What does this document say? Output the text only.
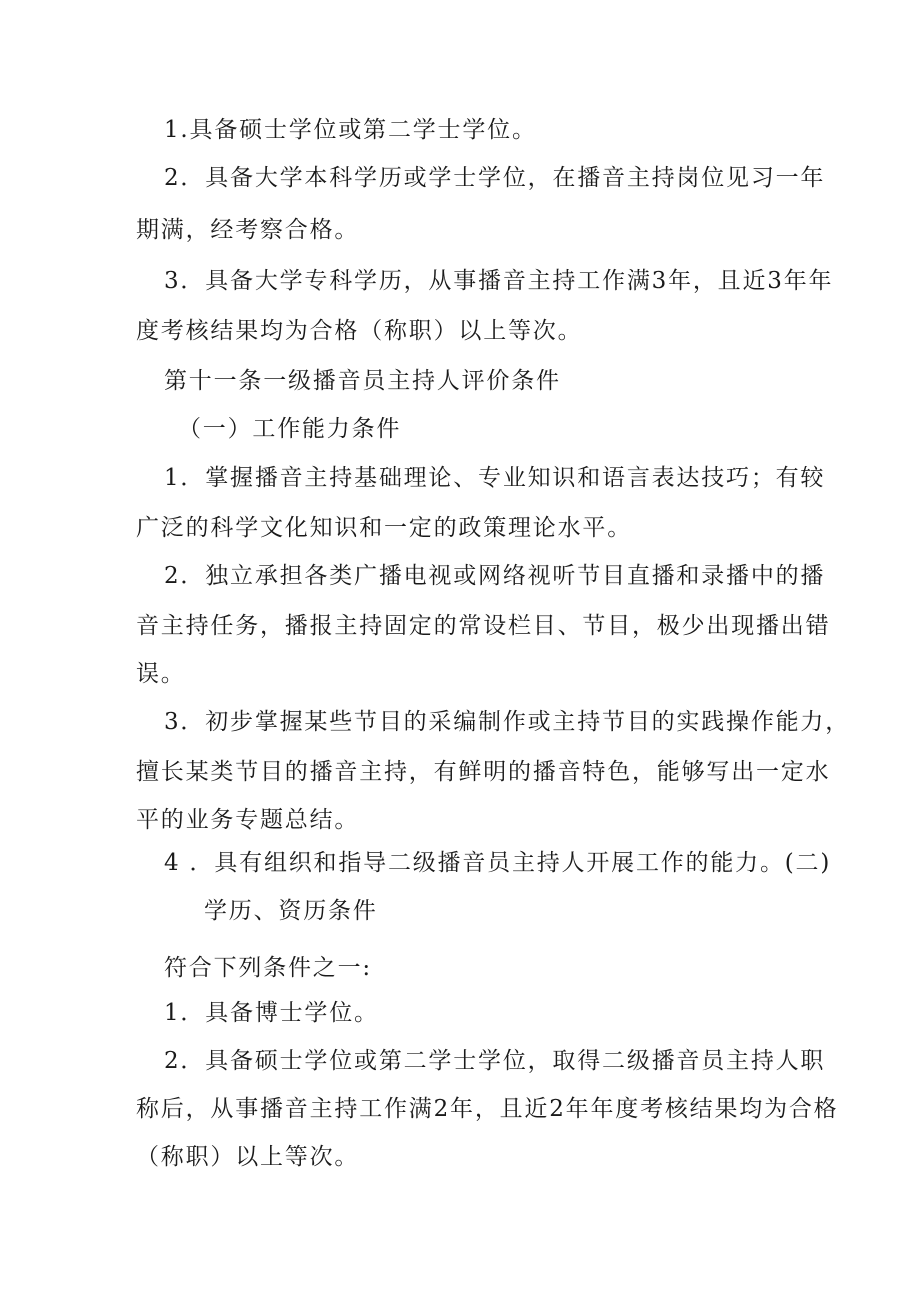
1.具备硕士学位或第二学士学位。

2．具备大学本科学历或学士学位，在播音主持岗位见习一年

期满，经考察合格。

3．具备大学专科学历，从事播音主持工作满3年，且近3年年

度考核结果均为合格（称职）以上等次。

第十一条一级播音员主持人评价条件

（一）工作能力条件

1．掌握播音主持基础理论、专业知识和语言表达技巧；有较

广泛的科学文化知识和一定的政策理论水平。

2．独立承担各类广播电视或网络视听节目直播和录播中的播

音主持任务，播报主持固定的常设栏目、节目，极少出现播出错

误。

3．初步掌握某些节目的采编制作或主持节目的实践操作能力，

擅长某类节目的播音主持，有鲜明的播音特色，能够写出一定水

平的业务专题总结。

4 ．具有组织和指导二级播音员主持人开展工作的能力。(二)

学历、资历条件

符合下列条件之一:

1．具备博士学位。

2．具备硕士学位或第二学士学位，取得二级播音员主持人职

称后，从事播音主持工作满2年，且近2年年度考核结果均为合格

（称职）以上等次。
